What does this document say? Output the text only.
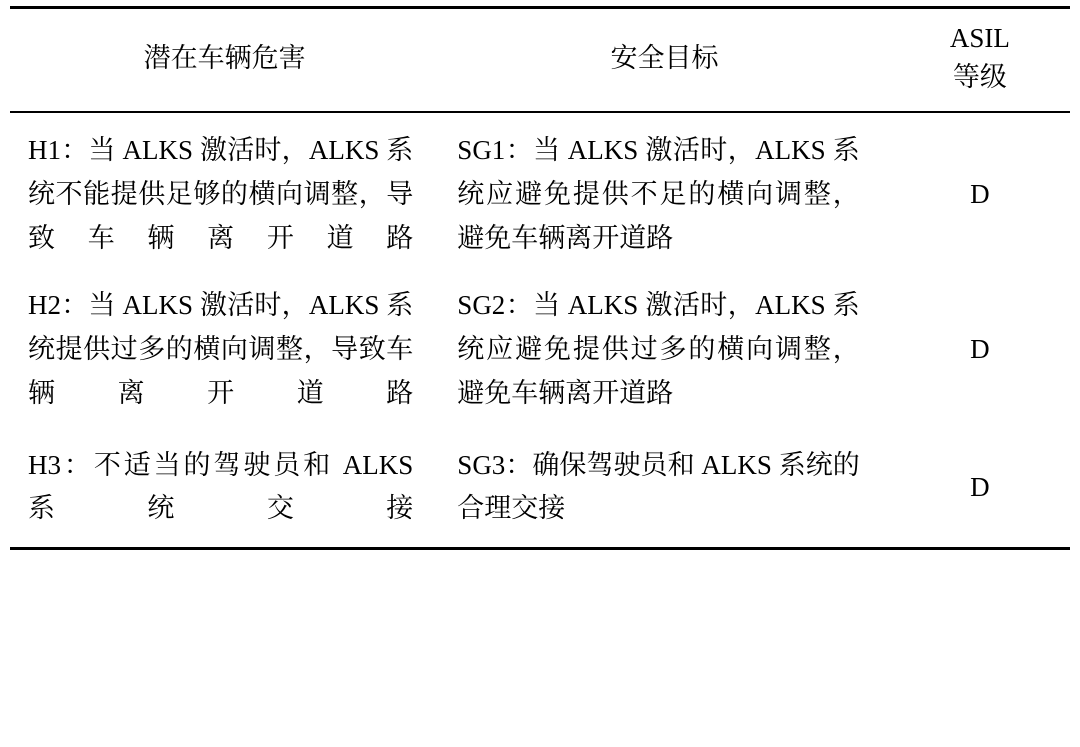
潜在车辆危害	安全目标	ASIL
等级

H1：当 ALKS 激活时，ALKS 系统不能提供足够的横向调整，导致车辆离开道路	SG1：当 ALKS 激活时，ALKS 系统应避免提供不足的横向调整，避免车辆离开道路	D

H2：当 ALKS 激活时，ALKS 系统提供过多的横向调整，导致车辆离开道路	SG2：当 ALKS 激活时，ALKS 系统应避免提供过多的横向调整，避免车辆离开道路	D

H3：不适当的驾驶员和 ALKS 系统交接	SG3：确保驾驶员和 ALKS 系统的合理交接	D
